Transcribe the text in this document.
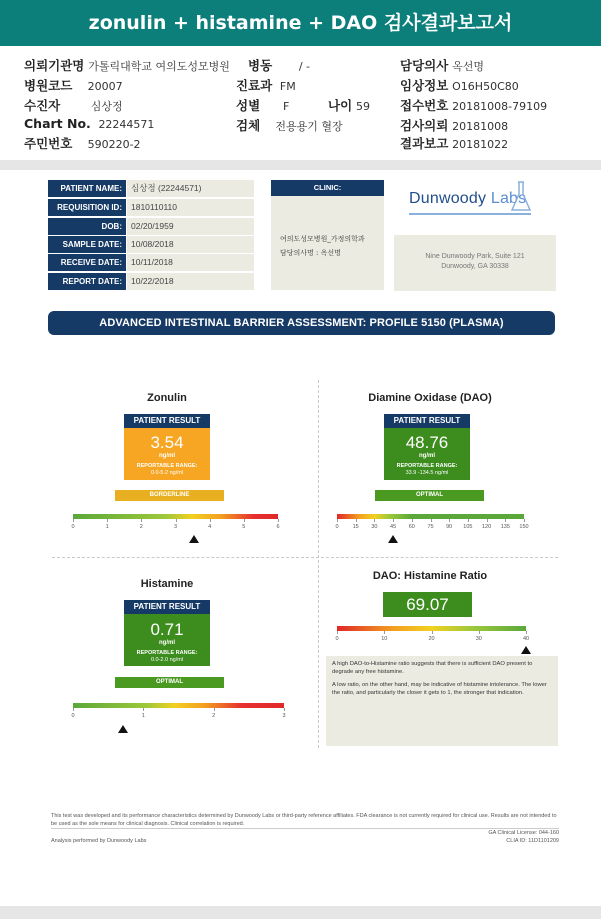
zonulin + histamine + DAO 검사결과보고서
의뢰기관명 가톨릭대학교 여의도성모병원 병동 / -	담당의사 옥선명
병원코드 20007	진료과 FM	임상정보 O16H50C80
수진자	심상정	성별 F	나이 59 접수번호 20181008-79109
Chart No. 22244571	검체 전용용기 혈장	검사의뢰 20181008
주민번호 590220-2	결과보고 20181022
PATIENT NAME:	심상정 (22244571)
REQUISITION ID:	1810110110
DOB:	02/20/1959
SAMPLE DATE:	10/08/2018
RECEIVE DATE:	10/11/2018
REPORT DATE:	10/22/2018
CLINIC:
여의도성모병원_가정의학과
담당의사명 : 옥선명
Dunwoody Labs
Nine Dunwoody Park, Suite 121
Dunwoody, GA 30338
ADVANCED INTESTINAL BARRIER ASSESSMENT: PROFILE 5150 (PLASMA)
Zonulin
PATIENT RESULT
3.54
ng/ml
REPORTABLE RANGE:
0.0-5.2 ng/ml
BORDERLINE
0	1	2	3	4	5	6
Diamine Oxidase (DAO)
PATIENT RESULT
48.76
ng/ml
REPORTABLE RANGE:
33.9 -134.5 ng/ml
OPTIMAL
0	15 30 45 60 75 90 105 120 135 150
Histamine
PATIENT RESULT
0.71
ng/ml
REPORTABLE RANGE:
0.0-2.0 ng/ml
OPTIMAL
0	1	2	3
DAO: Histamine Ratio
69.07
0	10	20	30	40

A high DAO-to-Histamine ratio suggests that there is sufficient DAO present to degrade any free histamine.

A low ratio, on the other hand, may be indicative of histamine intolerance. The lower the ratio, and particularly the closer it gets to 1, the stronger that indication.

This test was developed and its performance characteristics determined by Dunwoody Labs or third-party reference affiliates. FDA clearance is not currently required for clinical use. Results are not intended to be used as the sole means for clinical diagnosis. Clinical correlation is required.
GA Clinical License: 044-160
CLIA ID: 11D1101209
Analysis performed by Dunwoody Labs
